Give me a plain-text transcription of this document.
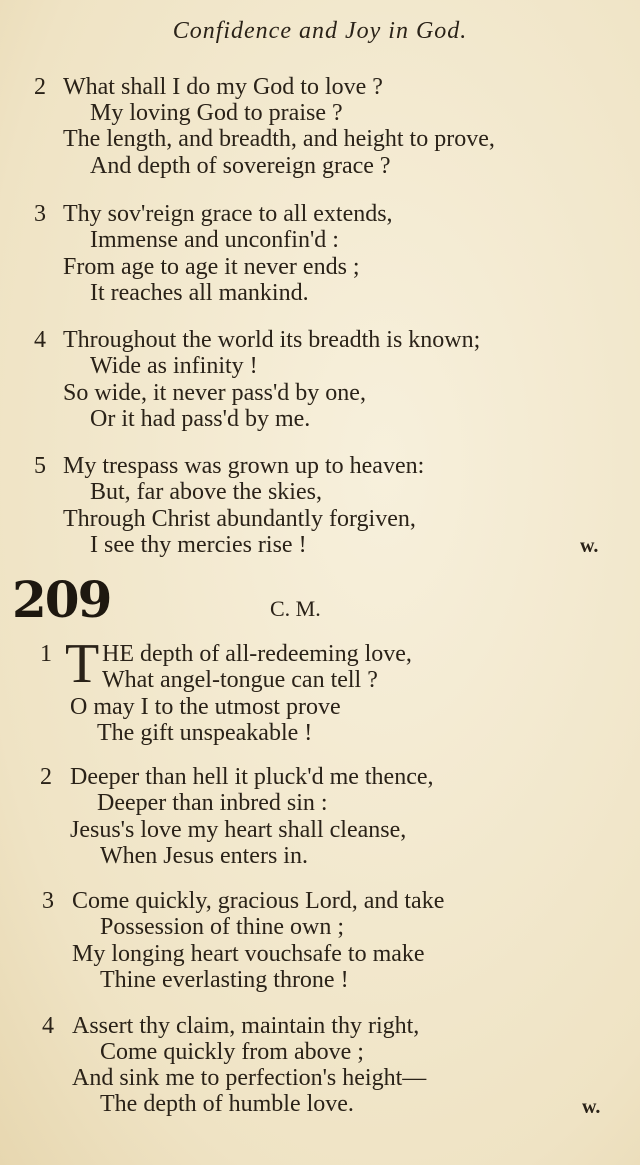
Confidence and Joy in God.
2 What shall I do my God to love ?
My loving God to praise ?
The length, and breadth, and height to prove,
And depth of sovereign grace ?
3 Thy sov'reign grace to all extends,
Immense and unconfin'd :
From age to age it never ends ;
It reaches all mankind.
4 Throughout the world its breadth is known;
Wide as infinity !
So wide, it never pass'd by one,
Or it had pass'd by me.
5 My trespass was grown up to heaven:
But, far above the skies,
Through Christ abundantly forgiven,
I see thy mercies rise !	w.
209	C. M.
1 T HE depth of all-redeeming love,
What angel-tongue can tell ?
O may I to the utmost prove
The gift unspeakable !
2 Deeper than hell it pluck'd me thence,
Deeper than inbred sin :
Jesus's love my heart shall cleanse,
When Jesus enters in.
3 Come quickly, gracious Lord, and take
Possession of thine own ;
My longing heart vouchsafe to make
Thine everlasting throne !
4 Assert thy claim, maintain thy right,
Come quickly from above ;
And sink me to perfection's height—
The depth of humble love.	w.
